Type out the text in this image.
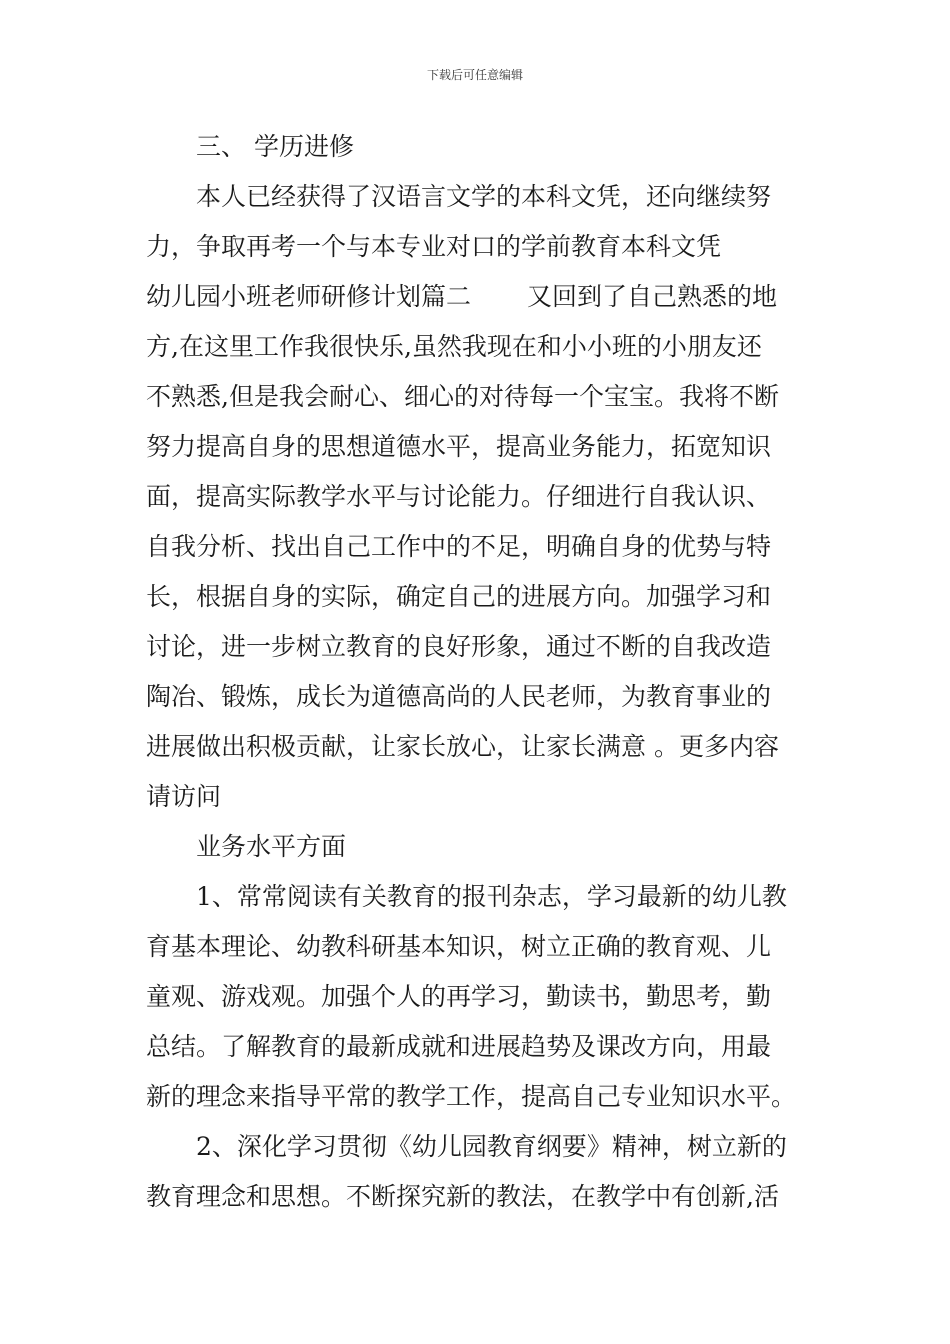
下载后可任意编辑
三、 学历进修
本人已经获得了汉语言文学的本科文凭，还向继续努
力，争取再考一个与本专业对口的学前教育本科文凭
幼儿园小班老师研修计划篇二 又回到了自己熟悉的地
方,在这里工作我很快乐,虽然我现在和小小班的小朋友还
不熟悉,但是我会耐心、细心的对待每一个宝宝。我将不断
努力提高自身的思想道德水平，提高业务能力，拓宽知识
面，提高实际教学水平与讨论能力。仔细进行自我认识、
自我分析、找出自己工作中的不足，明确自身的优势与特
长，根据自身的实际，确定自己的进展方向。加强学习和
讨论，进一步树立教育的良好形象，通过不断的自我改造
陶冶、锻炼，成长为道德高尚的人民老师，为教育事业的
进展做出积极贡献，让家长放心，让家长满意 。更多内容
请访问
业务水平方面
1、常常阅读有关教育的报刊杂志，学习最新的幼儿教
育基本理论、幼教科研基本知识，树立正确的教育观、儿
童观、游戏观。加强个人的再学习，勤读书，勤思考，勤
总结。了解教育的最新成就和进展趋势及课改方向，用最
新的理念来指导平常的教学工作，提高自己专业知识水平。
2、深化学习贯彻《幼儿园教育纲要》精神，树立新的
教育理念和思想。不断探究新的教法，在教学中有创新,活
